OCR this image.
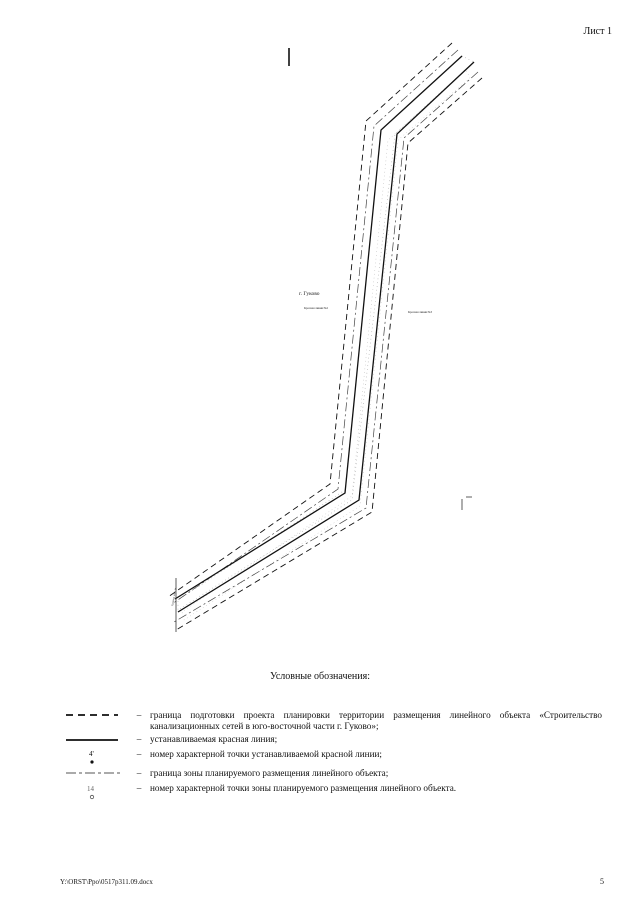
Лист 1
Граница зоны ул.
г. Гуково
Красная линия №2
Красная линия №3
Условные обозначения:
– граница подготовки проекта планировки территории размещения линейного объекта «Строительство канализационных сетей в юго-восточной части г. Гуково»;
– устанавливаемая красная линия;
4'	– номер характерной точки устанавливаемой красной линии;
– граница зоны планируемого размещения линейного объекта;
14	– номер характерной точки зоны планируемого размещения линейного объекта.
Y:\ORST\Ppo\0517p311.09.docx	5
